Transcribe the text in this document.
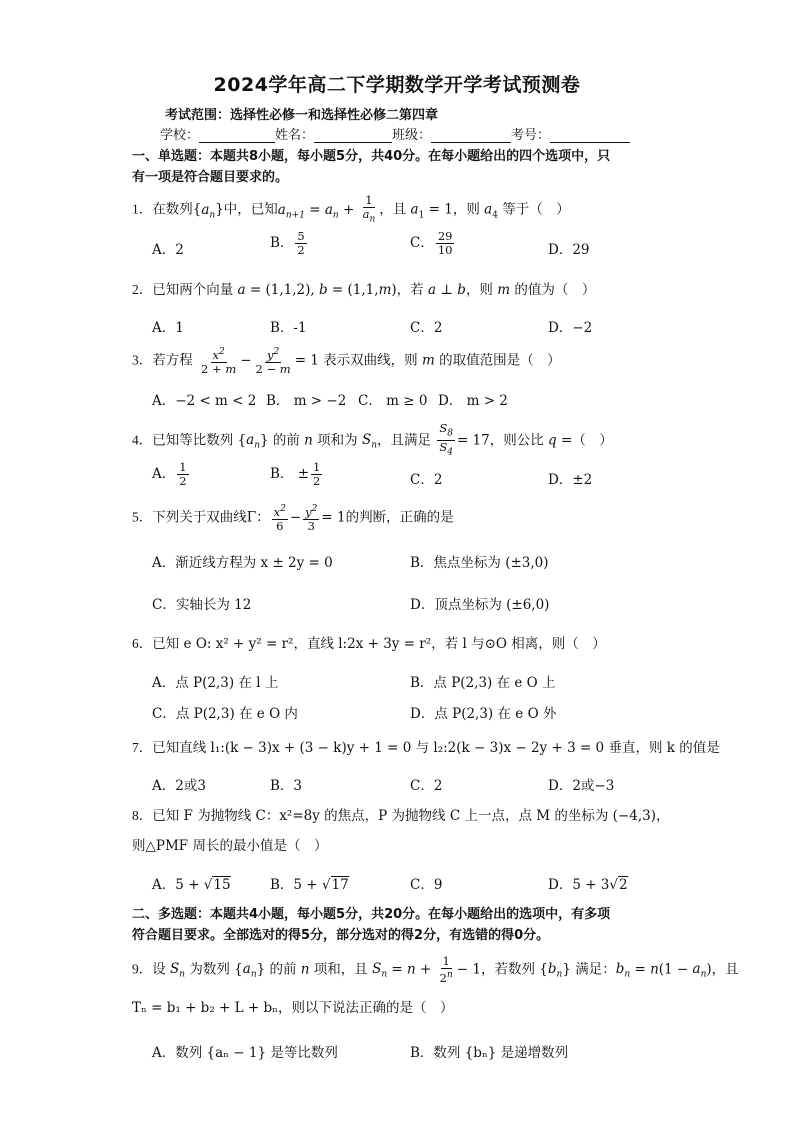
2024学年高二下学期数学开学考试预测卷
考试范围：选择性必修一和选择性必修二第四章
学校：	姓名：	班级：	考号：
一、单选题：本题共8小题，每小题5分，共40分。在每小题给出的四个选项中，只
有一项是符合题目要求的。
1．在数列$\{a_n\}$中，已知$a_{n+1} = a_n + \frac{1}{a_n}$ ，且 $a_1 = 1$，则 $a_4$ 等于（　）
A．2	B． $\frac{5}{2}$	C． $\frac{29}{10}$	D．29
2．已知两个向量 a = (1,1,2), b = (1,1,m)，若 a ⊥ b，则 m 的值为（　）
A．1	B．-1	C．2	D．−2
3．若方程 $\frac{x^2}{2 + m} - \frac{y^2}{2 - m} = 1$ 表示双曲线，则 m 的取值范围是（　）
A．−2 < m < 2 B． m > −2 C． m ≥ 0 D． m > 2
4．已知等比数列 $\{a_n\}$ 的前 n 项和为 $S_n$，且满足 $\frac{S_8}{S_4} = 17$，则公比 q =（　）
A． $\frac{1}{2}$	B． ± $\frac{1}{2}$	C．2	D．±2
5．下列关于双曲线Γ： $\frac{x^2}{6} - \frac{y^2}{3} = 1$的判断，正确的是
A．渐近线方程为 x ± 2y = 0	B．焦点坐标为 (±3,0)
C．实轴长为 12	D．顶点坐标为 (±6,0)
6．已知 e O: x² + y² = r²，直线 l:2x + 3y = r²，若 l 与⊙O 相离，则（　）
A．点 P(2,3) 在 l 上	B．点 P(2,3) 在 e O 上
C．点 P(2,3) 在 e O 内	D．点 P(2,3) 在 e O 外
7．已知直线 l₁:(k − 3)x + (3 − k)y + 1 = 0 与 l₂:2(k − 3)x − 2y + 3 = 0 垂直，则 k 的值是
A．2或3	B．3	C．2	D．2或−3
8．已知 F 为抛物线 C：x²=8y 的焦点，P 为抛物线 C 上一点，点 M 的坐标为 (−4,3)，
则△PMF 周长的最小值是（　）
A．5 + √15	B．5 + √17	C．9	D．5 + 3√2
二、多选题：本题共4小题，每小题5分，共20分。在每小题给出的选项中，有多项
符合题目要求。全部选对的得5分，部分选对的得2分，有选错的得0分。
9．设 $S_n$ 为数列 $\{a_n\}$ 的前 n 项和，且 $S_n = n + \frac{1}{2^n} - 1$，若数列 $\{b_n\}$ 满足：$b_n = n(1 - a_n)$，且
Tₙ = b₁ + b₂ + L + bₙ，则以下说法正确的是（　）
A．数列 {aₙ − 1} 是等比数列	B．数列 {bₙ} 是递增数列
